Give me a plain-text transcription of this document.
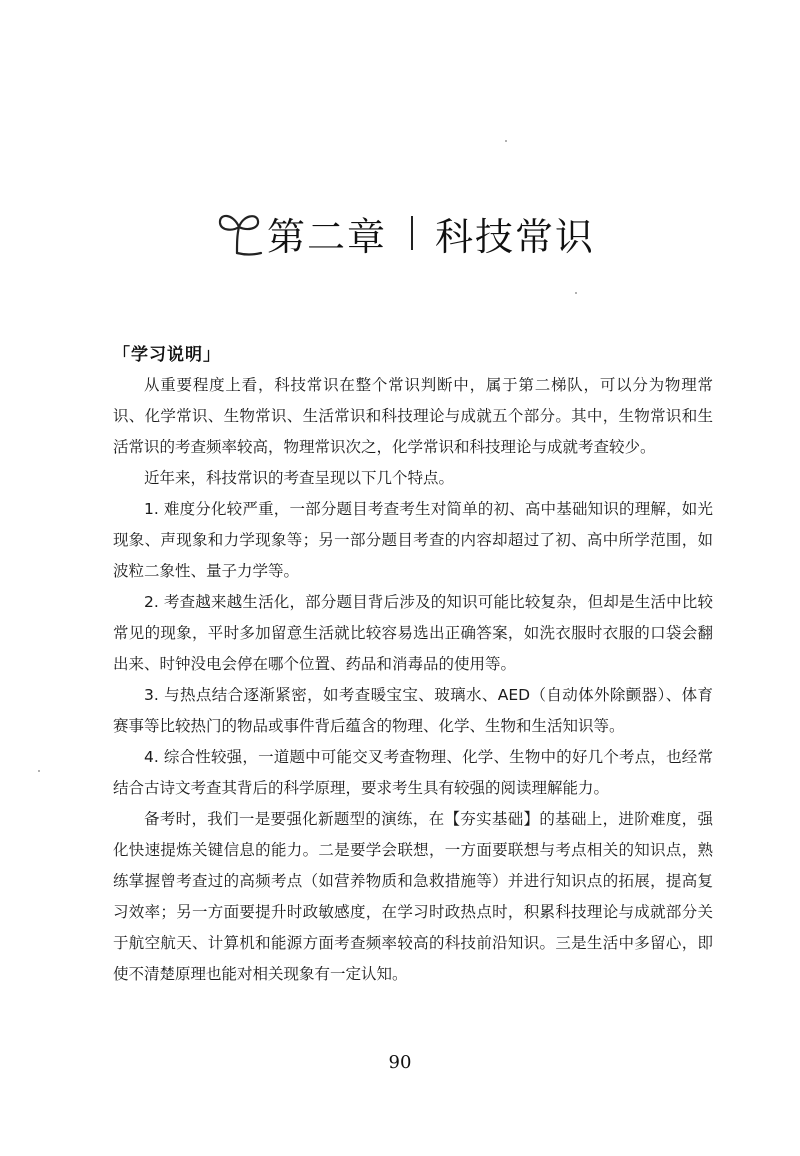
第二章 科技常识
「学习说明」

从重要程度上看，科技常识在整个常识判断中，属于第二梯队，可以分为物理常识、化学常识、生物常识、生活常识和科技理论与成就五个部分。其中，生物常识和生活常识的考查频率较高，物理常识次之，化学常识和科技理论与成就考查较少。

近年来，科技常识的考查呈现以下几个特点。

1. 难度分化较严重，一部分题目考查考生对简单的初、高中基础知识的理解，如光现象、声现象和力学现象等；另一部分题目考查的内容却超过了初、高中所学范围，如波粒二象性、量子力学等。

2. 考查越来越生活化，部分题目背后涉及的知识可能比较复杂，但却是生活中比较常见的现象，平时多加留意生活就比较容易选出正确答案，如洗衣服时衣服的口袋会翻出来、时钟没电会停在哪个位置、药品和消毒品的使用等。

3. 与热点结合逐渐紧密，如考查暖宝宝、玻璃水、AED（自动体外除颤器）、体育赛事等比较热门的物品或事件背后蕴含的物理、化学、生物和生活知识等。

4. 综合性较强，一道题中可能交叉考查物理、化学、生物中的好几个考点，也经常结合古诗文考查其背后的科学原理，要求考生具有较强的阅读理解能力。

备考时，我们一是要强化新题型的演练，在【夯实基础】的基础上，进阶难度，强化快速提炼关键信息的能力。二是要学会联想，一方面要联想与考点相关的知识点，熟练掌握曾考查过的高频考点（如营养物质和急救措施等）并进行知识点的拓展，提高复习效率；另一方面要提升时政敏感度，在学习时政热点时，积累科技理论与成就部分关于航空航天、计算机和能源方面考查频率较高的科技前沿知识。三是生活中多留心，即使不清楚原理也能对相关现象有一定认知。

90
